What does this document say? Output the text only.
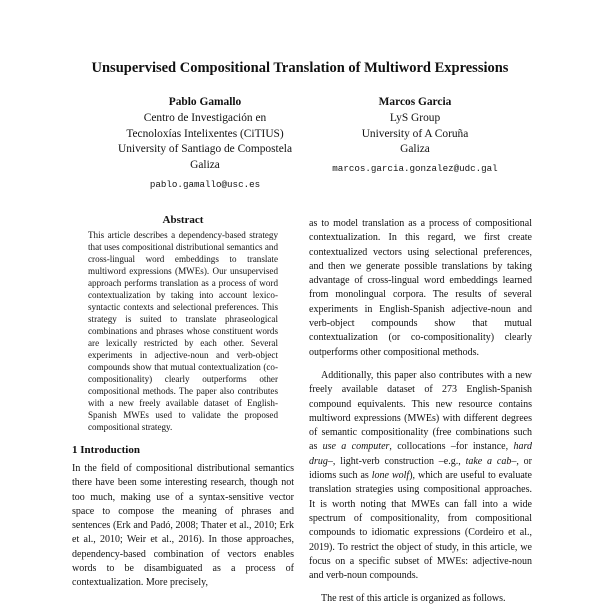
Unsupervised Compositional Translation of Multiword Expressions
Pablo Gamallo
Centro de Investigación en
Tecnoloxías Intelixentes (CiTIUS)
University of Santiago de Compostela
Galiza
pablo.gamallo@usc.es
Marcos Garcia
LyS Group
University of A Coruña
Galiza
marcos.garcia.gonzalez@udc.gal
Abstract

This article describes a dependency-based strategy that uses compositional distributional semantics and cross-lingual word embeddings to translate multiword expressions (MWEs). Our unsupervised approach performs translation as a process of word contextualization by taking into account lexico-syntactic contexts and selectional preferences. This strategy is suited to translate phraseological combinations and phrases whose constituent words are lexically restricted by each other. Several experiments in adjective-noun and verb-object compounds show that mutual contextualization (co-compositionality) clearly outperforms other compositional methods. The paper also contributes with a new freely available dataset of English-Spanish MWEs used to validate the proposed compositional strategy.

1 Introduction

In the field of compositional distributional semantics there have been some interesting research, though not too much, making use of a syntax-sensitive vector space to compose the meaning of phrases and sentences (Erk and Padó, 2008; Thater et al., 2010; Erk et al., 2010; Weir et al., 2016). In those approaches, dependency-based combination of vectors enables words to be disambiguated as a process of contextualization. More precisely,

as to model translation as a process of compositional contextualization. In this regard, we first create contextualized vectors using selectional preferences, and then we generate possible translations by taking advantage of cross-lingual word embeddings learned from monolingual corpora. The results of several experiments in English-Spanish adjective-noun and verb-object compounds show that mutual contextualization (or co-compositionality) clearly outperforms other compositional methods.

Additionally, this paper also contributes with a new freely available dataset of 273 English-Spanish compound equivalents. This new resource contains multiword expressions (MWEs) with different degrees of semantic compositionality (free combinations such as use a computer, collocations –for instance, hard drug–, light-verb construction –e.g., take a cab–, or idioms such as lone wolf), which are useful to evaluate translation strategies using compositional approaches. It is worth noting that MWEs can fall into a wide spectrum of compositionality, from compositional compounds to idiomatic expressions (Cordeiro et al., 2019). To restrict the object of study, in this article, we focus on a specific subset of MWEs: adjective-noun and verb-noun compounds.

The rest of this article is organized as follows.
